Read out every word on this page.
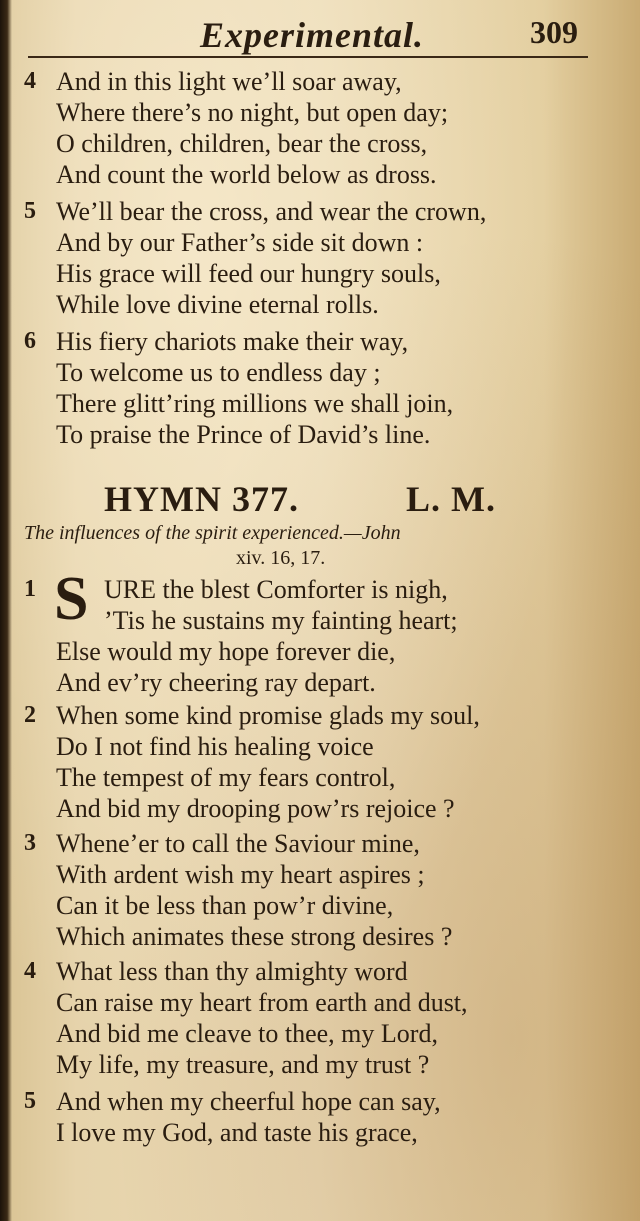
Experimental.	309
4 And in this light we’ll soar away,
Where there’s no night, but open day;
O children, children, bear the cross,
And count the world below as dross.
5 We’ll bear the cross, and wear the crown,
And by our Father’s side sit down :
His grace will feed our hungry souls,
While love divine eternal rolls.
6 His fiery chariots make their way,
To welcome us to endless day ;
There glitt’ring millions we shall join,
To praise the Prince of David’s line.
HYMN 377.	L. M.
The influences of the spirit experienced.—John
xiv. 16, 17.
S
1	URE the blest Comforter is nigh,
’Tis he sustains my fainting heart;
Else would my hope forever die,
And ev’ry cheering ray depart.
2 When some kind promise glads my soul,
Do I not find his healing voice
The tempest of my fears control,
And bid my drooping pow’rs rejoice ?
3 Whene’er to call the Saviour mine,
With ardent wish my heart aspires ;
Can it be less than pow’r divine,
Which animates these strong desires ?
4 What less than thy almighty word
Can raise my heart from earth and dust,
And bid me cleave to thee, my Lord,
My life, my treasure, and my trust ?
5 And when my cheerful hope can say,
I love my God, and taste his grace,
